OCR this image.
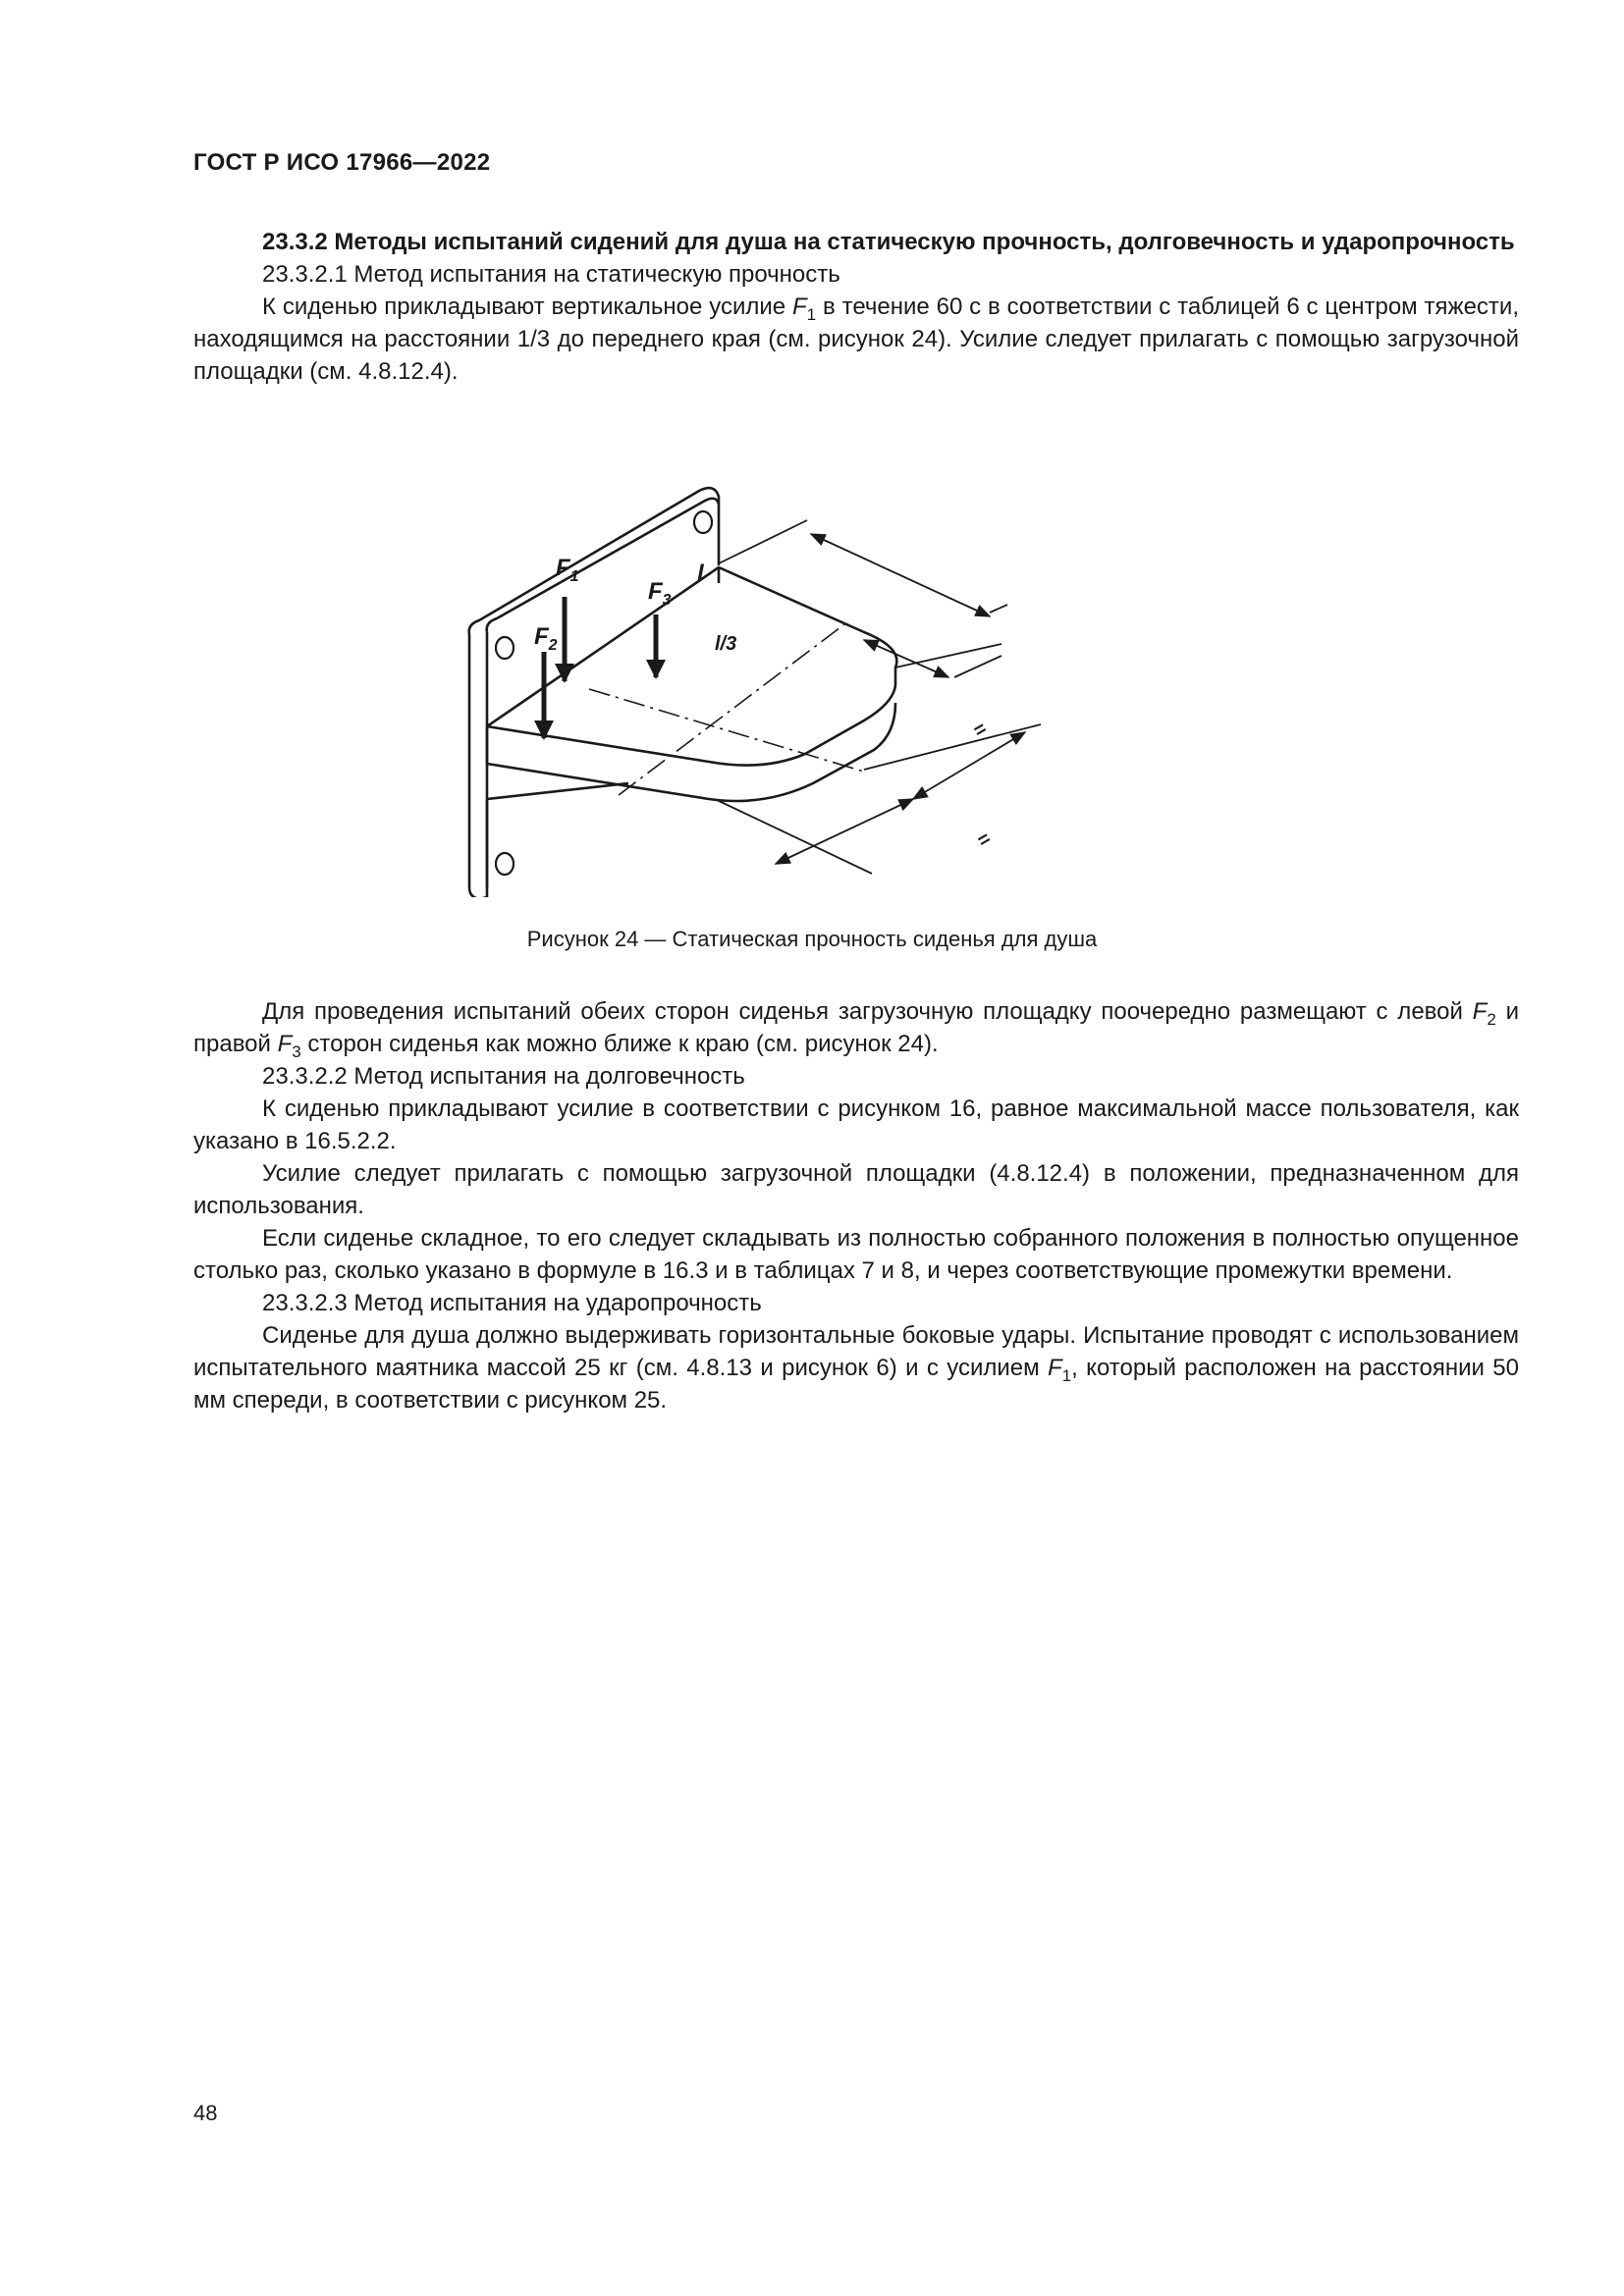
ГОСТ Р ИСО 17966—2022

23.3.2 Методы испытаний сидений для душа на статическую прочность, долговечность и ударопрочность

23.3.2.1 Метод испытания на статическую прочность

К сиденью прикладывают вертикальное усилие $F_1$ в течение 60 с в соответствии с таблицей 6 с центром тяжести, находящимся на расстоянии 1/3 до переднего края (см. рисунок 24). Усилие следует прилагать с помощью загрузочной площадки (см. 4.8.12.4).

$F_1$
$F_2$
$F_3$
l
l/3
=
=
Рисунок 24 — Статическая прочность сиденья для душа

Для проведения испытаний обеих сторон сиденья загрузочную площадку поочередно размещают с левой $F_2$ и правой $F_3$ сторон сиденья как можно ближе к краю (см. рисунок 24).

23.3.2.2 Метод испытания на долговечность

К сиденью прикладывают усилие в соответствии с рисунком 16, равное максимальной массе пользователя, как указано в 16.5.2.2.

Усилие следует прилагать с помощью загрузочной площадки (4.8.12.4) в положении, предназначенном для использования.

Если сиденье складное, то его следует складывать из полностью собранного положения в полностью опущенное столько раз, сколько указано в формуле в 16.3 и в таблицах 7 и 8, и через соответствующие промежутки времени.

23.3.2.3 Метод испытания на ударопрочность

Сиденье для душа должно выдерживать горизонтальные боковые удары. Испытание проводят с использованием испытательного маятника массой 25 кг (см. 4.8.13 и рисунок 6) и с усилием $F_1$, который расположен на расстоянии 50 мм спереди, в соответствии с рисунком 25.

48
